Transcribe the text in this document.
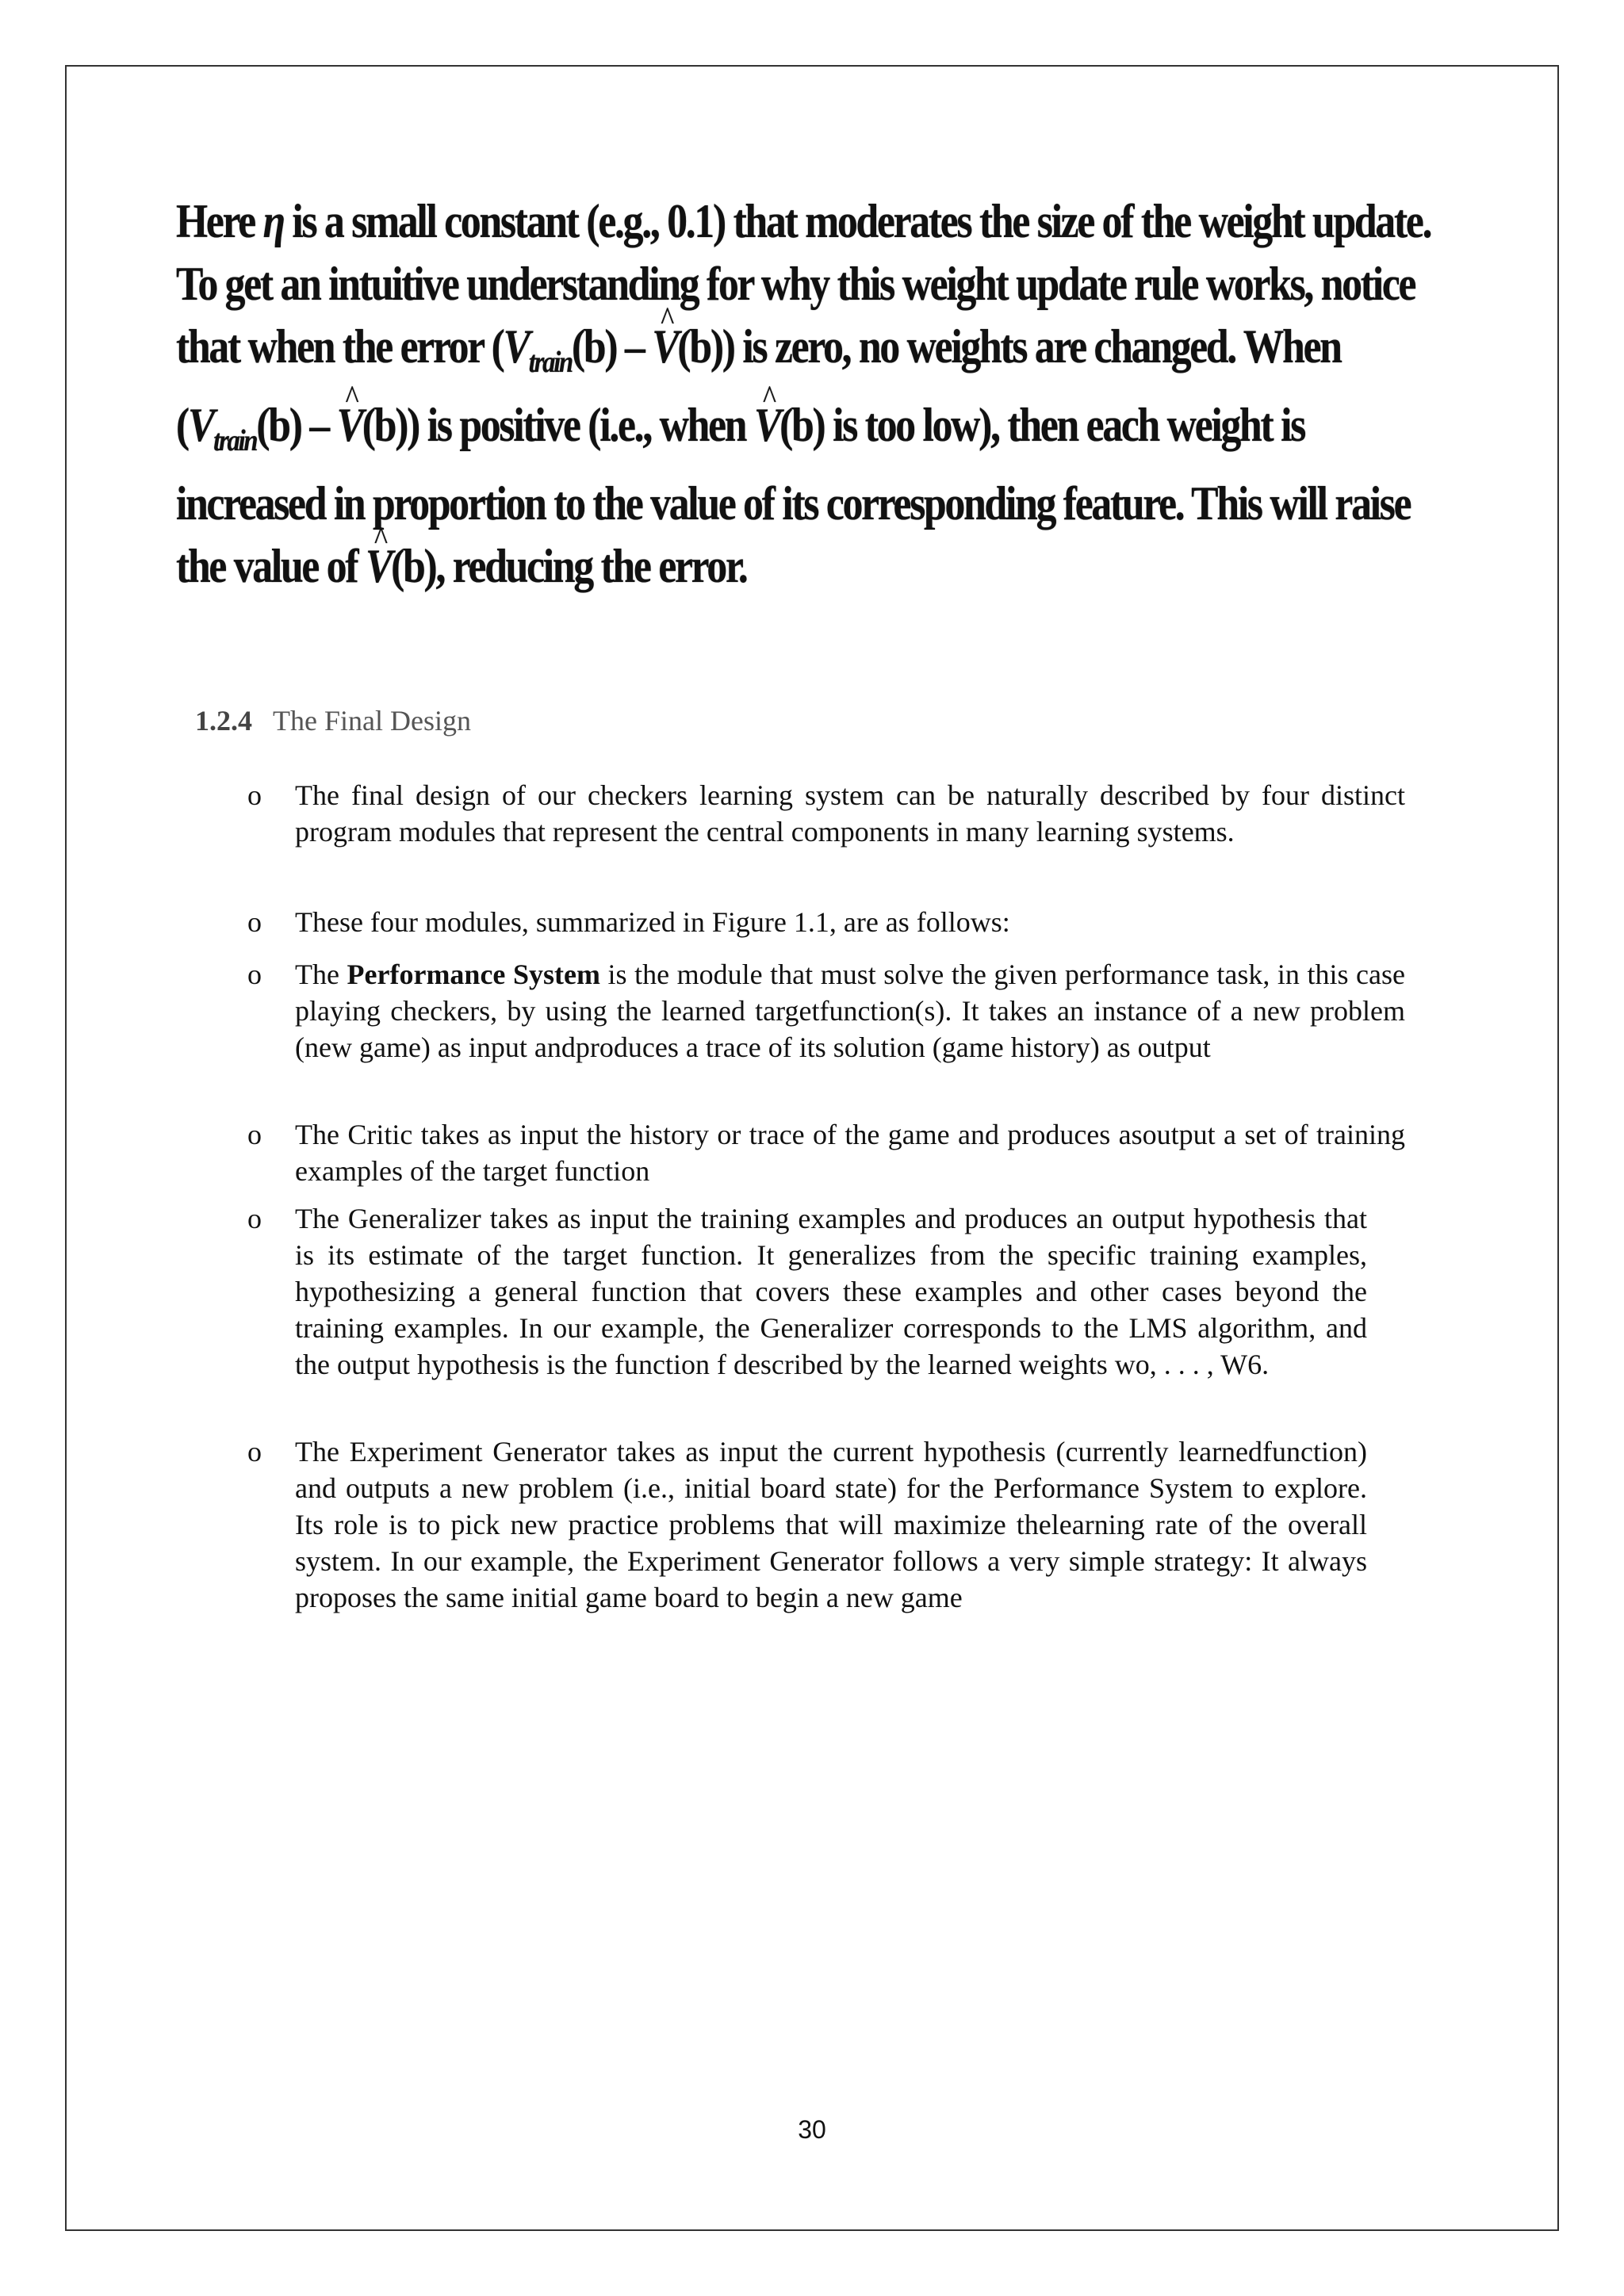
Here η is a small constant (e.g., 0.1) that moderates the size of the weight update.
To get an intuitive understanding for why this weight update rule works, notice
that when the error ($V_{train}(b)$ – ^ V(b)) is zero, no weights are changed. When
($V_{train}(b)$ – ^ V(b)) is positive (i.e., when ^ V(b) is too low), then each weight is
increased in proportion to the value of its corresponding feature. This will raise
the value of ^ V(b), reducing the error.
1.2.4 The Final Design
o The final design of our checkers learning system can be naturally described by four distinct program modules that represent the central components in many learning systems.
o These four modules, summarized in Figure 1.1, are as follows:
o The Performance System is the module that must solve the given performance task, in this case playing checkers, by using the learned targetfunction(s). It takes an instance of a new problem (new game) as input andproduces a trace of its solution (game history) as output
o The Critic takes as input the history or trace of the game and produces asoutput a set of training examples of the target function
o The Generalizer takes as input the training examples and produces an output hypothesis that is its estimate of the target function. It generalizes from the specific training examples, hypothesizing a general function that covers these examples and other cases beyond the training examples. In our example, the Generalizer corresponds to the LMS algorithm, and the output hypothesis is the function f described by the learned weights wo, . . . , W6.
o The Experiment Generator takes as input the current hypothesis (currently learnedfunction) and outputs a new problem (i.e., initial board state) for the Performance System to explore. Its role is to pick new practice problems that will maximize thelearning rate of the overall system. In our example, the Experiment Generator follows a very simple strategy: It always proposes the same initial game board to begin a new game
30
